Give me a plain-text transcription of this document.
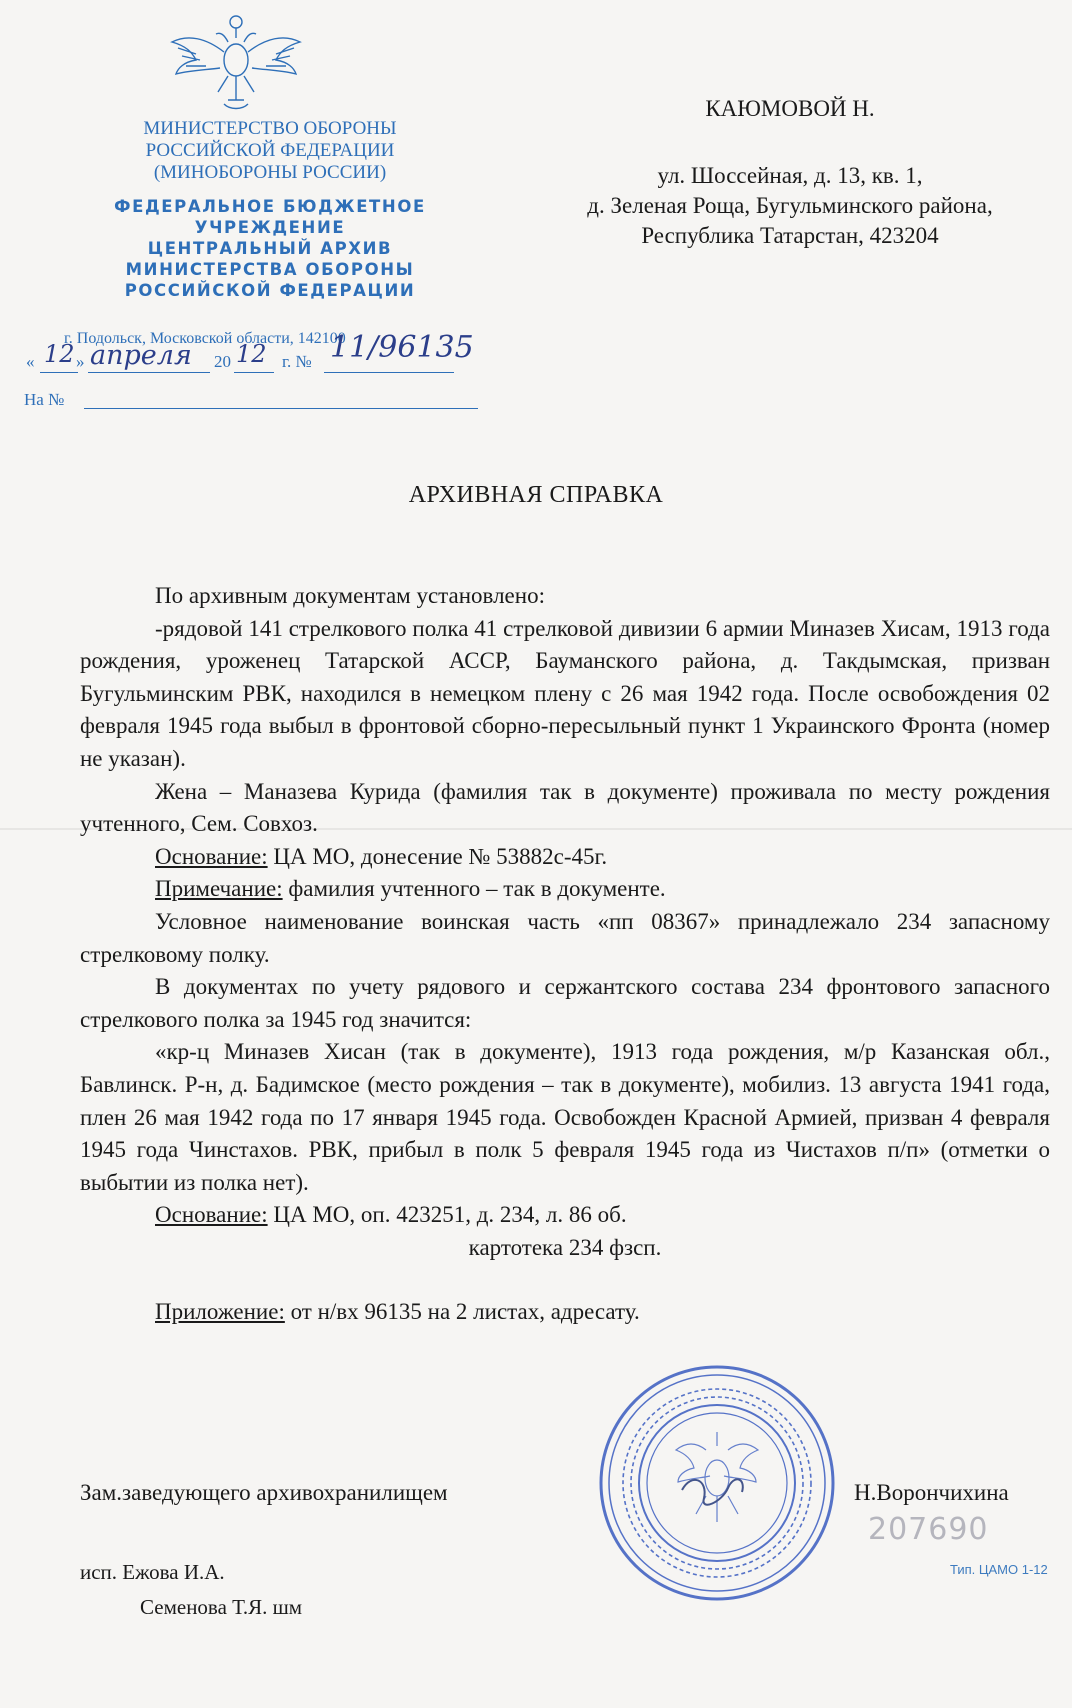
МИНИСТЕРСТВО ОБОРОНЫ
РОССИЙСКОЙ ФЕДЕРАЦИИ
(МИНОБОРОНЫ РОССИИ)
ФЕДЕРАЛЬНОЕ БЮДЖЕТНОЕ
УЧРЕЖДЕНИЕ
ЦЕНТРАЛЬНЫЙ АРХИВ
МИНИСТЕРСТВА ОБОРОНЫ
РОССИЙСКОЙ ФЕДЕРАЦИИ
г. Подольск, Московской области, 142100
« 12 » апреля 20 12 г. № 11/96135
На №
КАЮМОВОЙ Н.
ул. Шоссейная, д. 13, кв. 1,
д. Зеленая Роща, Бугульминского района,
Республика Татарстан, 423204
АРХИВНАЯ СПРАВКА

По архивным документам установлено:

-рядовой 141 стрелкового полка 41 стрелковой дивизии 6 армии Миназев Хисам, 1913 года рождения, уроженец Татарской АССР, Бауманского района, д. Такдымская, призван Бугульминским РВК, находился в немецком плену с 26 мая 1942 года. После освобождения 02 февраля 1945 года выбыл в фронтовой сборно-пересыльный пункт 1 Украинского Фронта (номер не указан).

Жена – Маназева Курида (фамилия так в документе) проживала по месту рождения учтенного, Сем. Совхоз.

Основание: ЦА МО, донесение № 53882с-45г.

Примечание: фамилия учтенного – так в документе.

Условное наименование воинская часть «пп 08367» принадлежало 234 запасному стрелковому полку.

В документах по учету рядового и сержантского состава 234 фронтового запасного стрелкового полка за 1945 год значится:

«кр-ц Миназев Хисан (так в документе), 1913 года рождения, м/р Казанская обл., Бавлинск. Р-н, д. Бадимское (место рождения – так в документе), мобилиз. 13 августа 1941 года, плен 26 мая 1942 года по 17 января 1945 года. Освобожден Красной Армией, призван 4 февраля 1945 года Чинстахов. РВК, прибыл в полк 5 февраля 1945 года из Чистахов п/п» (отметки о выбытии из полка нет).

Основание: ЦА МО, оп. 423251, д. 234, л. 86 об.

картотека 234 фзсп.

Приложение: от н/вх 96135 на 2 листах, адресату.

207690
Зам.заведующего архивохранилищем	Н.Ворончихина
исп. Ежова И.А.
Семенова Т.Я. шм
Тип. ЦАМО 1-12
